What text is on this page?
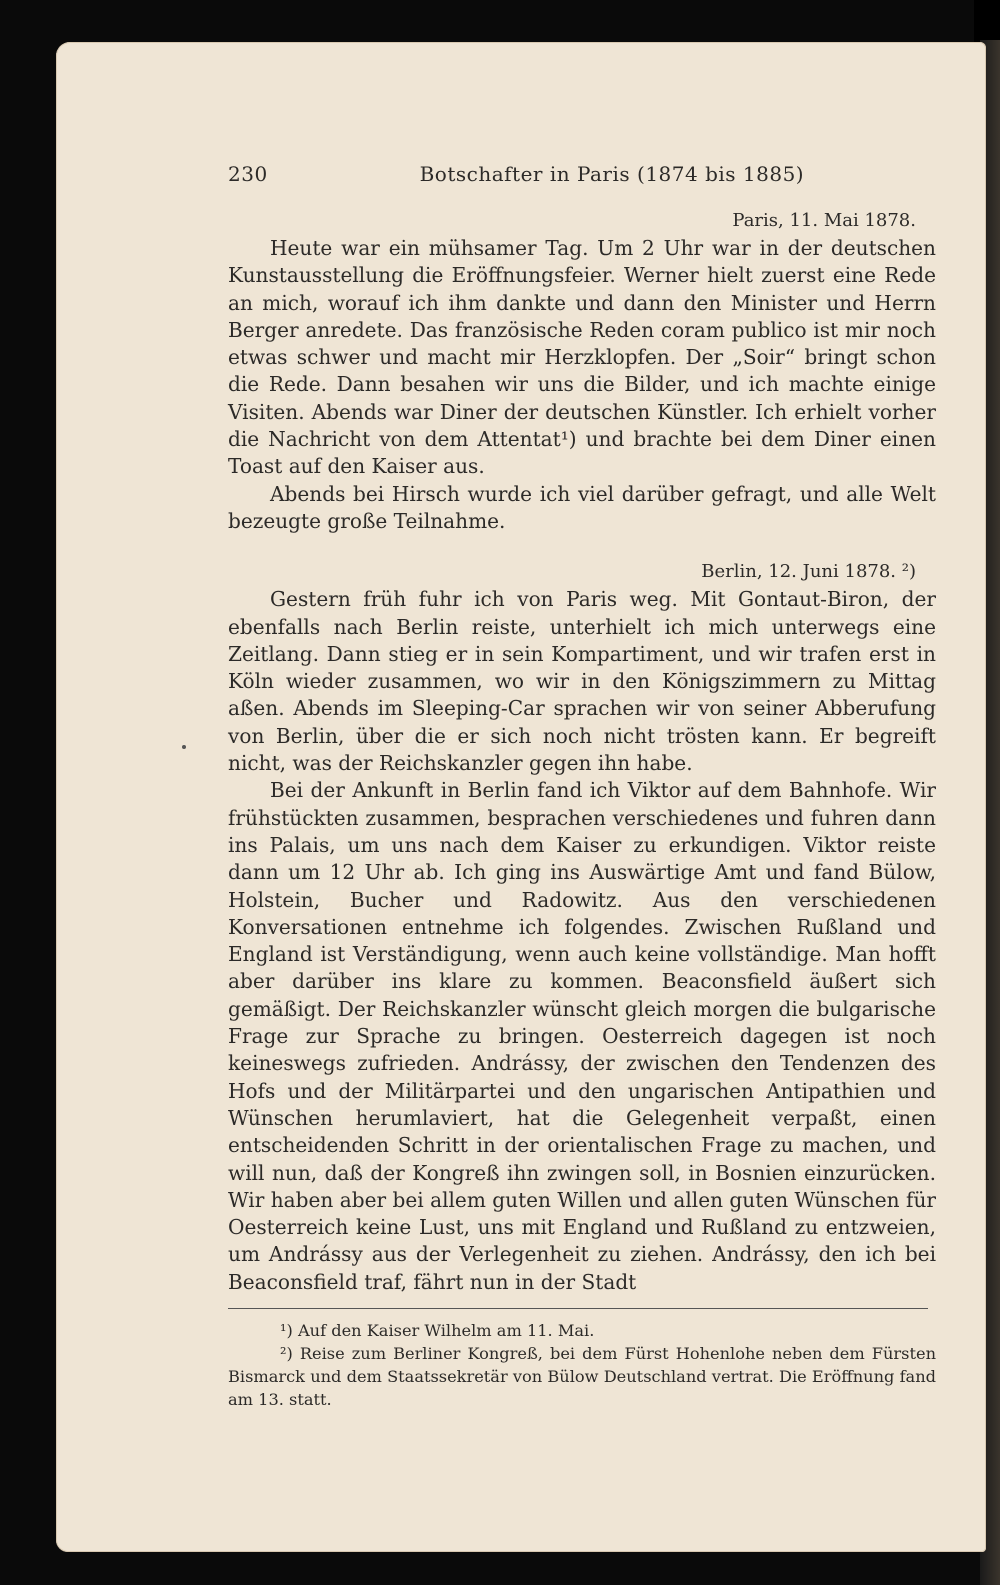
230	Botschafter in Paris (1874 bis 1885)
Paris, 11. Mai 1878.

Heute war ein mühsamer Tag. Um 2 Uhr war in der deutschen Kunstausstellung die Eröffnungsfeier. Werner hielt zuerst eine Rede an mich, worauf ich ihm dankte und dann den Minister und Herrn Berger anredete. Das französische Reden coram publico ist mir noch etwas schwer und macht mir Herzklopfen. Der „Soir“ bringt schon die Rede. Dann besahen wir uns die Bilder, und ich machte einige Visiten. Abends war Diner der deutschen Künstler. Ich erhielt vorher die Nachricht von dem Attentat¹) und brachte bei dem Diner einen Toast auf den Kaiser aus.

Abends bei Hirsch wurde ich viel darüber gefragt, und alle Welt bezeugte große Teilnahme.

Berlin, 12. Juni 1878. ²)

Gestern früh fuhr ich von Paris weg. Mit Gontaut-Biron, der ebenfalls nach Berlin reiste, unterhielt ich mich unterwegs eine Zeitlang. Dann stieg er in sein Kompartiment, und wir trafen erst in Köln wieder zusammen, wo wir in den Königszimmern zu Mittag aßen. Abends im Sleeping-Car sprachen wir von seiner Abberufung von Berlin, über die er sich noch nicht trösten kann. Er begreift nicht, was der Reichskanzler gegen ihn habe.

Bei der Ankunft in Berlin fand ich Viktor auf dem Bahnhofe. Wir frühstückten zusammen, besprachen verschiedenes und fuhren dann ins Palais, um uns nach dem Kaiser zu erkundigen. Viktor reiste dann um 12 Uhr ab. Ich ging ins Auswärtige Amt und fand Bülow, Holstein, Bucher und Radowitz. Aus den verschiedenen Konversationen entnehme ich folgendes. Zwischen Rußland und England ist Verständigung, wenn auch keine vollständige. Man hofft aber darüber ins klare zu kommen. Beaconsfield äußert sich gemäßigt. Der Reichskanzler wünscht gleich morgen die bulgarische Frage zur Sprache zu bringen. Oesterreich dagegen ist noch keineswegs zufrieden. Andrássy, der zwischen den Tendenzen des Hofs und der Militärpartei und den ungarischen Antipathien und Wünschen herumlaviert, hat die Gelegenheit verpaßt, einen entscheidenden Schritt in der orientalischen Frage zu machen, und will nun, daß der Kongreß ihn zwingen soll, in Bosnien einzurücken. Wir haben aber bei allem guten Willen und allen guten Wünschen für Oesterreich keine Lust, uns mit England und Rußland zu entzweien, um Andrássy aus der Verlegenheit zu ziehen. Andrássy, den ich bei Beaconsfield traf, fährt nun in der Stadt

¹) Auf den Kaiser Wilhelm am 11. Mai.

²) Reise zum Berliner Kongreß, bei dem Fürst Hohenlohe neben dem Fürsten Bismarck und dem Staatssekretär von Bülow Deutschland vertrat. Die Eröffnung fand am 13. statt.
